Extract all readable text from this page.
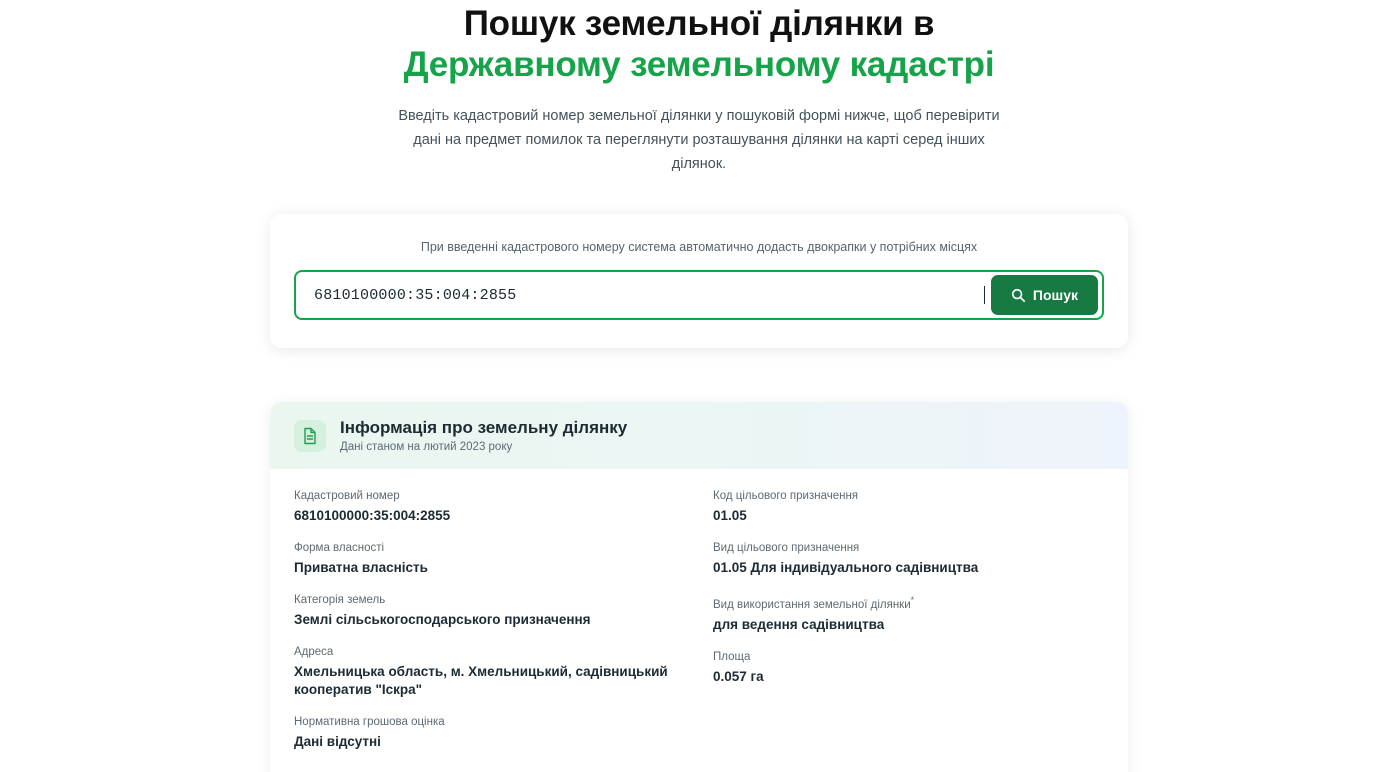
Пошук земельної ділянки в
Державному земельному кадастрі

Введіть кадастровий номер земельної ділянки у пошуковій формі нижче, щоб перевірити дані на предмет помилок та переглянути розташування ділянки на карті серед інших ділянок.

При введенні кадастрового номеру система автоматично додасть двокрапки у потрібних місцях
6810100000:35:004:2855
Пошук
Інформація про земельну ділянку
Дані станом на лютий 2023 року
Кадастровий номер
6810100000:35:004:2855
Форма власності
Приватна власність
Категорія земель
Землі сільськогосподарського призначення
Адреса
Хмельницька область, м. Хмельницький, садівницький кооператив "Іскра"
Нормативна грошова оцінка
Дані відсутні
Код цільового призначення
01.05
Вид цільового призначення
01.05 Для індивідуального садівництва
Вид використання земельної ділянки*
для ведення садівництва
Площа
0.057 га
